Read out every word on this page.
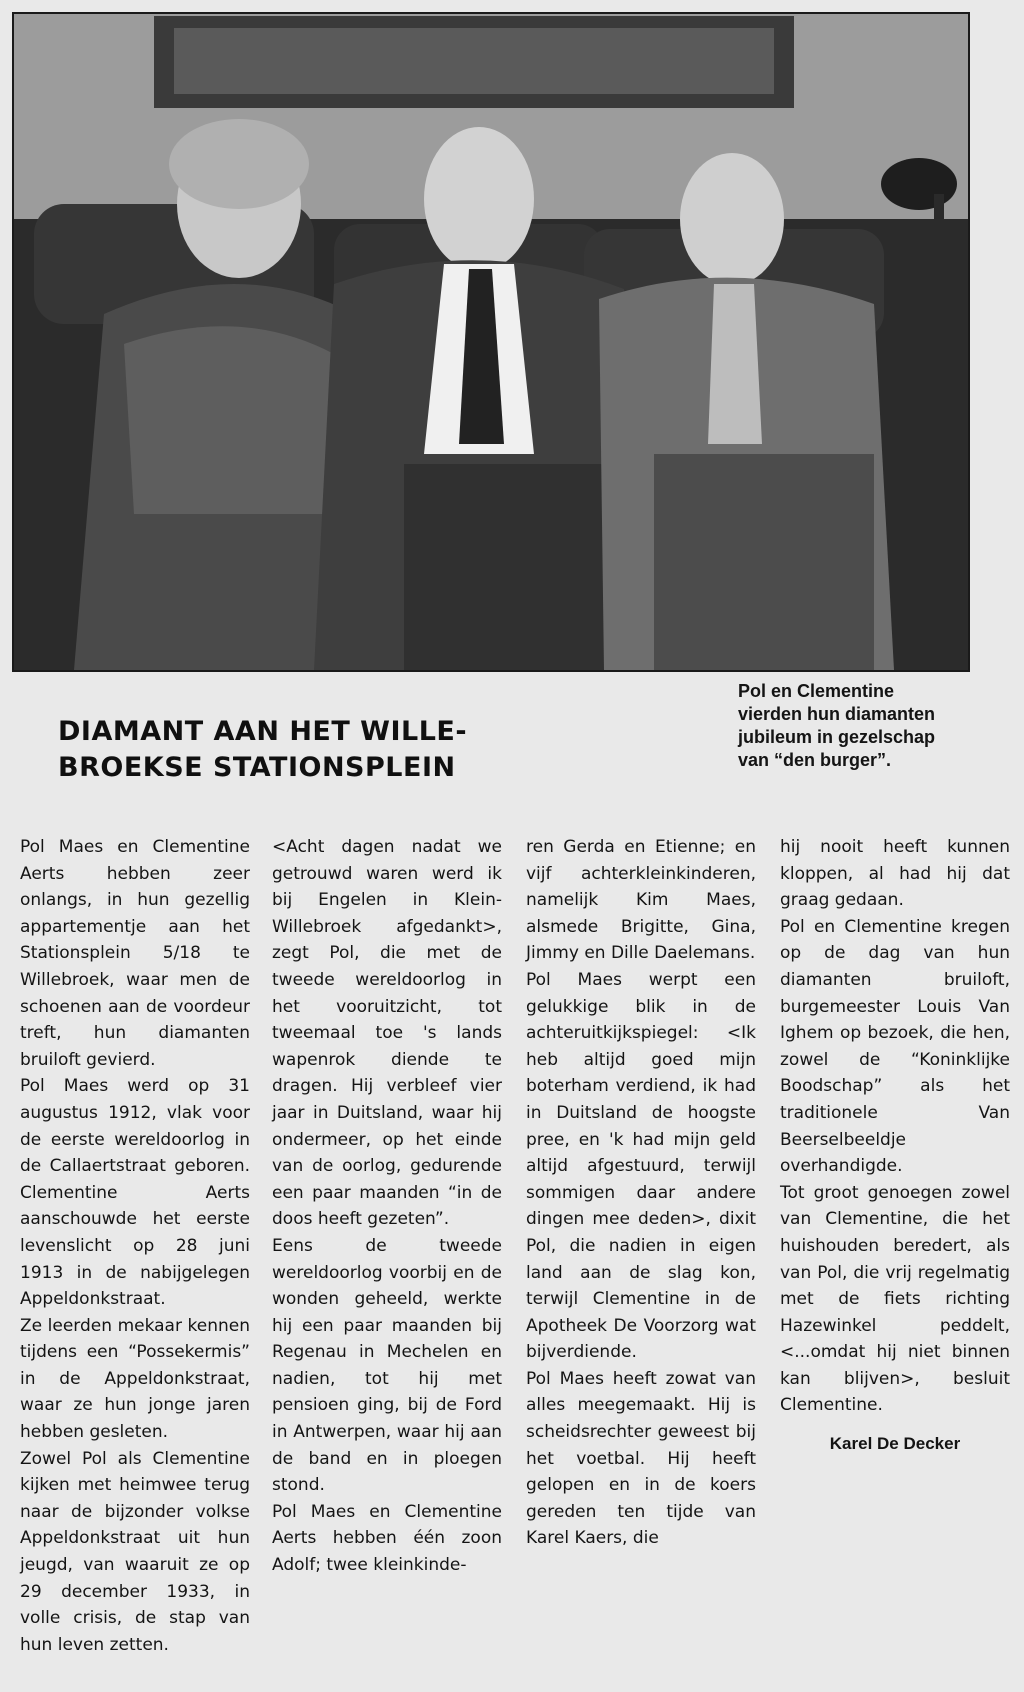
Pol en Clementine vierden hun diamanten jubileum in gezelschap van “den burger”.
DIAMANT AAN HET WILLE-
BROEKSE STATIONSPLEIN

Pol Maes en Clementine Aerts hebben zeer onlangs, in hun gezellig appartementje aan het Stationsplein 5/18 te Willebroek, waar men de schoenen aan de voordeur treft, hun diamanten bruiloft gevierd.

Pol Maes werd op 31 augustus 1912, vlak voor de eerste wereldoorlog in de Callaertstraat geboren. Clementine Aerts aanschouwde het eerste levenslicht op 28 juni 1913 in de nabijgelegen Appeldonkstraat.

Ze leerden mekaar kennen tijdens een “Possekermis” in de Appeldonkstraat, waar ze hun jonge jaren hebben gesleten.

Zowel Pol als Clementine kijken met heimwee terug naar de bijzonder volkse Appeldonkstraat uit hun jeugd, van waaruit ze op 29 december 1933, in volle crisis, de stap van hun leven zetten.

<Acht dagen nadat we getrouwd waren werd ik bij Engelen in Klein-Willebroek afgedankt>, zegt Pol, die met de tweede wereldoorlog in het vooruitzicht, tot tweemaal toe 's lands wapenrok diende te dragen. Hij verbleef vier jaar in Duitsland, waar hij ondermeer, op het einde van de oorlog, gedurende een paar maanden “in de doos heeft gezeten”.

Eens de tweede wereldoorlog voorbij en de wonden geheeld, werkte hij een paar maanden bij Regenau in Mechelen en nadien, tot hij met pensioen ging, bij de Ford in Antwerpen, waar hij aan de band en in ploegen stond.

Pol Maes en Clementine Aerts hebben één zoon Adolf; twee kleinkinde-

ren Gerda en Etienne; en vijf achterkleinkinderen, namelijk Kim Maes, alsmede Brigitte, Gina, Jimmy en Dille Daelemans.

Pol Maes werpt een gelukkige blik in de achteruitkijkspiegel: <Ik heb altijd goed mijn boterham verdiend, ik had in Duitsland de hoogste pree, en 'k had mijn geld altijd afgestuurd, terwijl sommigen daar andere dingen mee deden>, dixit Pol, die nadien in eigen land aan de slag kon, terwijl Clementine in de Apotheek De Voorzorg wat bijverdiende.

Pol Maes heeft zowat van alles meegemaakt. Hij is scheidsrechter geweest bij het voetbal. Hij heeft gelopen en in de koers gereden ten tijde van Karel Kaers, die

hij nooit heeft kunnen kloppen, al had hij dat graag gedaan.

Pol en Clementine kregen op de dag van hun diamanten bruiloft, burgemeester Louis Van Ighem op bezoek, die hen, zowel de “Koninklijke Boodschap” als het traditionele Van Beerselbeeldje overhandigde.

Tot groot genoegen zowel van Clementine, die het huishouden beredert, als van Pol, die vrij regelmatig met de fiets richting Hazewinkel peddelt, <...omdat hij niet binnen kan blijven>, besluit Clementine.

Karel De Decker
